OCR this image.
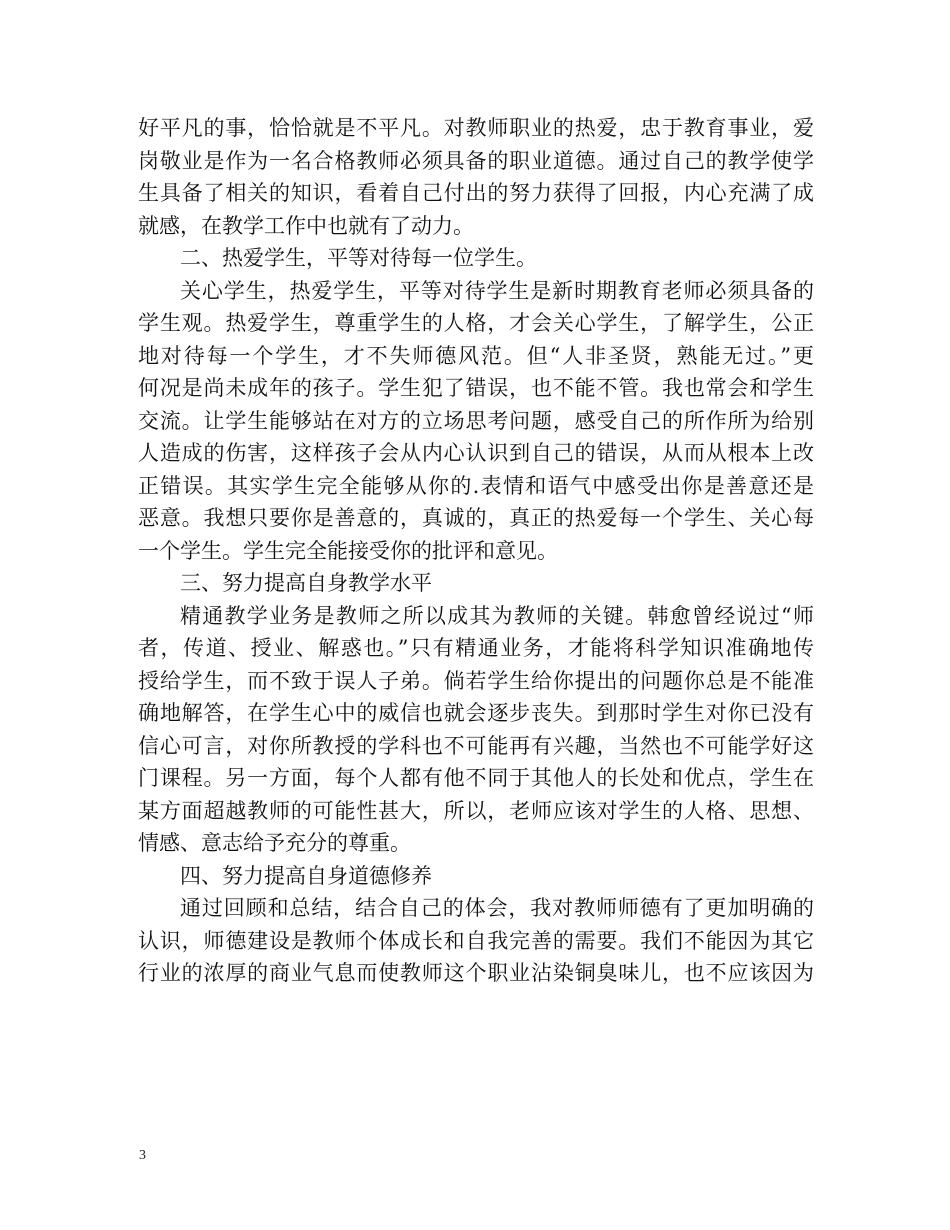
好平凡的事，恰恰就是不平凡。对教师职业的热爱，忠于教育事业，爱
岗敬业是作为一名合格教师必须具备的职业道德。通过自己的教学使学
生具备了相关的知识，看着自己付出的努力获得了回报，内心充满了成
就感，在教学工作中也就有了动力。
二、热爱学生，平等对待每一位学生。
关心学生，热爱学生，平等对待学生是新时期教育老师必须具备的
学生观。热爱学生，尊重学生的人格，才会关心学生，了解学生，公正
地对待每一个学生，才不失师德风范。但“人非圣贤，熟能无过。”更
何况是尚未成年的孩子。学生犯了错误，也不能不管。我也常会和学生
交流。让学生能够站在对方的立场思考问题，感受自己的所作所为给别
人造成的伤害，这样孩子会从内心认识到自己的错误，从而从根本上改
正错误。其实学生完全能够从你的.表情和语气中感受出你是善意还是
恶意。我想只要你是善意的，真诚的，真正的热爱每一个学生、关心每
一个学生。学生完全能接受你的批评和意见。
三、努力提高自身教学水平
精通教学业务是教师之所以成其为教师的关键。韩愈曾经说过“师
者，传道、授业、解惑也。”只有精通业务，才能将科学知识准确地传
授给学生，而不致于误人子弟。倘若学生给你提出的问题你总是不能准
确地解答，在学生心中的威信也就会逐步丧失。到那时学生对你已没有
信心可言，对你所教授的学科也不可能再有兴趣，当然也不可能学好这
门课程。另一方面，每个人都有他不同于其他人的长处和优点，学生在
某方面超越教师的可能性甚大，所以，老师应该对学生的人格、思想、
情感、意志给予充分的尊重。
四、努力提高自身道德修养
通过回顾和总结，结合自己的体会，我对教师师德有了更加明确的
认识，师德建设是教师个体成长和自我完善的需要。我们不能因为其它
行业的浓厚的商业气息而使教师这个职业沾染铜臭味儿，也不应该因为
3
